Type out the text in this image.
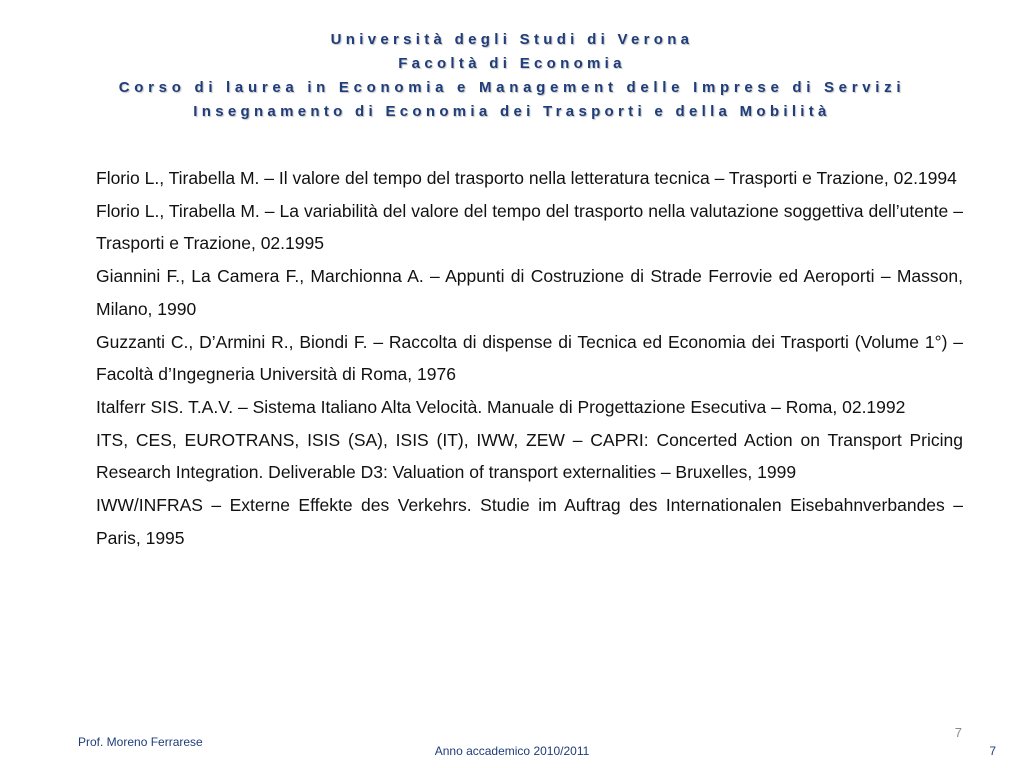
Università degli Studi di Verona
Facoltà di Economia
Corso di laurea in Economia e Management delle Imprese di Servizi
Insegnamento di Economia dei Trasporti e della Mobilità

Florio L., Tirabella M. – Il valore del tempo del trasporto nella letteratura tecnica – Trasporti e Trazione, 02.1994

Florio L., Tirabella M. – La variabilità del valore del tempo del trasporto nella valutazione soggettiva dell’utente – Trasporti e Trazione, 02.1995

Giannini F., La Camera F., Marchionna A. – Appunti di Costruzione di Strade Ferrovie ed Aeroporti – Masson, Milano, 1990

Guzzanti C., D’Armini R., Biondi F. – Raccolta di dispense di Tecnica ed Economia dei Trasporti (Volume 1°) – Facoltà d’Ingegneria Università di Roma, 1976

Italferr SIS. T.A.V. – Sistema Italiano Alta Velocità. Manuale di Progettazione Esecutiva – Roma, 02.1992

ITS, CES, EUROTRANS, ISIS (SA), ISIS (IT), IWW, ZEW – CAPRI: Concerted Action on Transport Pricing Research Integration. Deliverable D3: Valuation of transport externalities – Bruxelles, 1999

IWW/INFRAS – Externe Effekte des Verkehrs. Studie im Auftrag des Internationalen Eisebahnverbandes – Paris, 1995

7
Prof. Moreno Ferrarese
Anno accademico 2010/2011	7
